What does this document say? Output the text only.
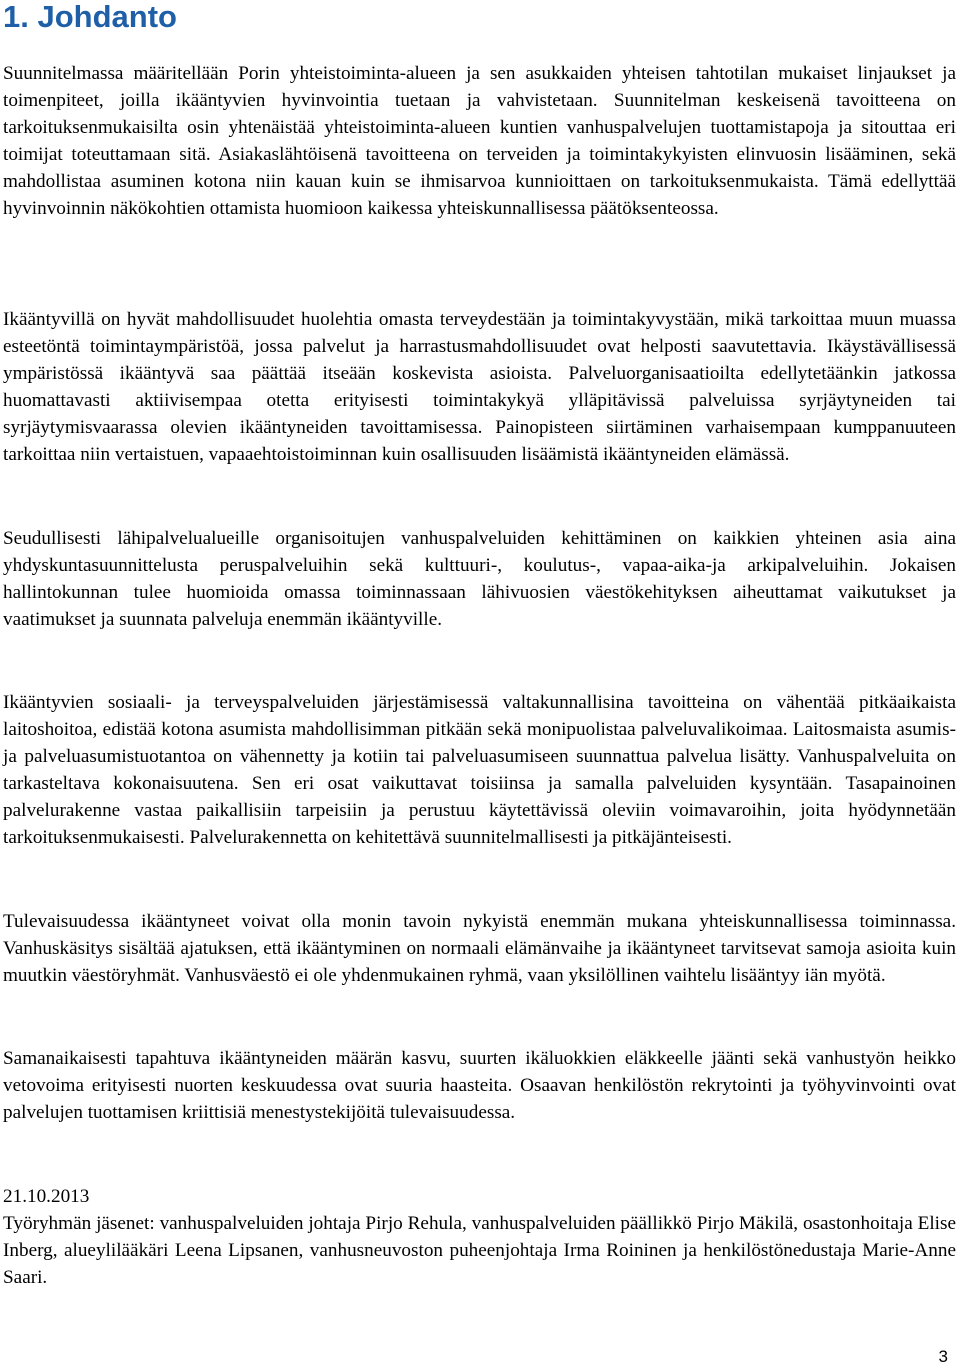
1. Johdanto

Suunnitelmassa määritellään Porin yhteistoiminta-alueen ja sen asukkaiden yhteisen tahtotilan mukaiset linjaukset ja toimenpiteet, joilla ikääntyvien hyvinvointia tuetaan ja vahvistetaan. Suunnitelman keskeisenä tavoitteena on tarkoituksenmukaisilta osin yhtenäistää yhteistoiminta-alueen kuntien vanhuspalvelujen tuottamistapoja ja sitouttaa eri toimijat toteuttamaan sitä. Asiakaslähtöisenä tavoitteena on terveiden ja toimintakykyisten elinvuosin lisääminen, sekä mahdollistaa asuminen kotona niin kauan kuin se ihmisarvoa kunnioittaen on tarkoituksenmukaista. Tämä edellyttää hyvinvoinnin näkökohtien ottamista huomioon kaikessa yhteiskunnallisessa päätöksenteossa.

Ikääntyvillä on hyvät mahdollisuudet huolehtia omasta terveydestään ja toimintakyvystään, mikä tarkoittaa muun muassa esteetöntä toimintaympäristöä, jossa palvelut ja harrastusmahdollisuudet ovat helposti saavutettavia. Ikäystävällisessä ympäristössä ikääntyvä saa päättää itseään koskevista asioista. Palveluorganisaatioilta edellytetäänkin jatkossa huomattavasti aktiivisempaa otetta erityisesti toimintakykyä ylläpitävissä palveluissa syrjäytyneiden tai syrjäytymisvaarassa olevien ikääntyneiden tavoittamisessa. Painopisteen siirtäminen varhaisempaan kumppanuuteen tarkoittaa niin vertaistuen, vapaaehtoistoiminnan kuin osallisuuden lisäämistä ikääntyneiden elämässä.

Seudullisesti lähipalvelualueille organisoitujen vanhuspalveluiden kehittäminen on kaikkien yhteinen asia aina yhdyskuntasuunnittelusta peruspalveluihin sekä kulttuuri-, koulutus-, vapaa-aika-ja arkipalveluihin. Jokaisen hallintokunnan tulee huomioida omassa toiminnassaan lähivuosien väestökehityksen aiheuttamat vaikutukset ja vaatimukset ja suunnata palveluja enemmän ikääntyville.

Ikääntyvien sosiaali- ja terveyspalveluiden järjestämisessä valtakunnallisina tavoitteina on vähentää pitkäaikaista laitoshoitoa, edistää kotona asumista mahdollisimman pitkään sekä monipuolistaa palveluvalikoimaa. Laitosmaista asumis- ja palveluasumistuotantoa on vähennetty ja kotiin tai palveluasumiseen suunnattua palvelua lisätty. Vanhuspalveluita on tarkasteltava kokonaisuutena. Sen eri osat vaikuttavat toisiinsa ja samalla palveluiden kysyntään. Tasapainoinen palvelurakenne vastaa paikallisiin tarpeisiin ja perustuu käytettävissä oleviin voimavaroihin, joita hyödynnetään tarkoituksenmukaisesti. Palvelurakennetta on kehitettävä suunnitelmallisesti ja pitkäjänteisesti.

Tulevaisuudessa ikääntyneet voivat olla monin tavoin nykyistä enemmän mukana yhteiskunnallisessa toiminnassa. Vanhuskäsitys sisältää ajatuksen, että ikääntyminen on normaali elämänvaihe ja ikääntyneet tarvitsevat samoja asioita kuin muutkin väestöryhmät. Vanhusväestö ei ole yhdenmukainen ryhmä, vaan yksilöllinen vaihtelu lisääntyy iän myötä.

Samanaikaisesti tapahtuva ikääntyneiden määrän kasvu, suurten ikäluokkien eläkkeelle jäänti sekä vanhustyön heikko vetovoima erityisesti nuorten keskuudessa ovat suuria haasteita. Osaavan henkilöstön rekrytointi ja työhyvinvointi ovat palvelujen tuottamisen kriittisiä menestystekijöitä tulevaisuudessa.

21.10.2013

Työryhmän jäsenet: vanhuspalveluiden johtaja Pirjo Rehula, vanhuspalveluiden päällikkö Pirjo Mäkilä, osastonhoitaja Elise Inberg, alueylilääkäri Leena Lipsanen, vanhusneuvoston puheenjohtaja Irma Roininen ja henkilöstönedustaja Marie-Anne Saari.

3
